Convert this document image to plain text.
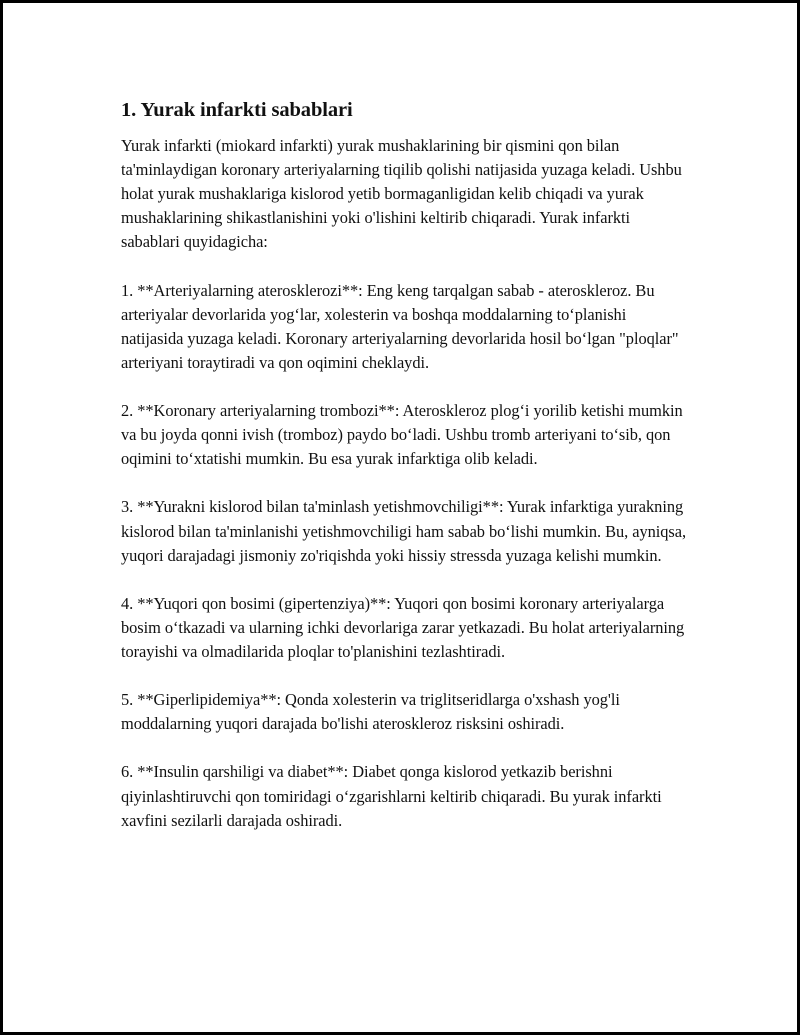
1. Yurak infarkti sabablari

Yurak infarkti (miokard infarkti) yurak mushaklarining bir qismini qon bilan ta'minlaydigan koronary arteriyalarning tiqilib qolishi natijasida yuzaga keladi. Ushbu holat yurak mushaklariga kislorod yetib bormaganligidan kelib chiqadi va yurak mushaklarining shikastlanishini yoki o'lishini keltirib chiqaradi. Yurak infarkti sabablari quyidagicha:

1. **Arteriyalarning aterosklerozi**: Eng keng tarqalgan sabab - ateroskleroz. Bu arteriyalar devorlarida yog‘lar, xolesterin va boshqa moddalarning to‘planishi natijasida yuzaga keladi. Koronary arteriyalarning devorlarida hosil bo‘lgan "ploqlar" arteriyani toraytiradi va qon oqimini cheklaydi.

2. **Koronary arteriyalarning trombozi**: Ateroskleroz plog‘i yorilib ketishi mumkin va bu joyda qonni ivish (tromboz) paydo bo‘ladi. Ushbu tromb arteriyani to‘sib, qon oqimini to‘xtatishi mumkin. Bu esa yurak infarktiga olib keladi.

3. **Yurakni kislorod bilan ta'minlash yetishmovchiligi**: Yurak infarktiga yurakning kislorod bilan ta'minlanishi yetishmovchiligi ham sabab bo‘lishi mumkin. Bu, ayniqsa, yuqori darajadagi jismoniy zo'riqishda yoki hissiy stressda yuzaga kelishi mumkin.

4. **Yuqori qon bosimi (gipertenziya)**: Yuqori qon bosimi koronary arteriyalarga bosim o‘tkazadi va ularning ichki devorlariga zarar yetkazadi. Bu holat arteriyalarning torayishi va olmadilarida ploqlar to'planishini tezlashtiradi.

5. **Giperlipidemiya**: Qonda xolesterin va triglitseridlarga o'xshash yog'li moddalarning yuqori darajada bo'lishi ateroskleroz risksini oshiradi.

6. **Insulin qarshiligi va diabet**: Diabet qonga kislorod yetkazib berishni qiyinlashtiruvchi qon tomiridagi o‘zgarishlarni keltirib chiqaradi. Bu yurak infarkti xavfini sezilarli darajada oshiradi.
